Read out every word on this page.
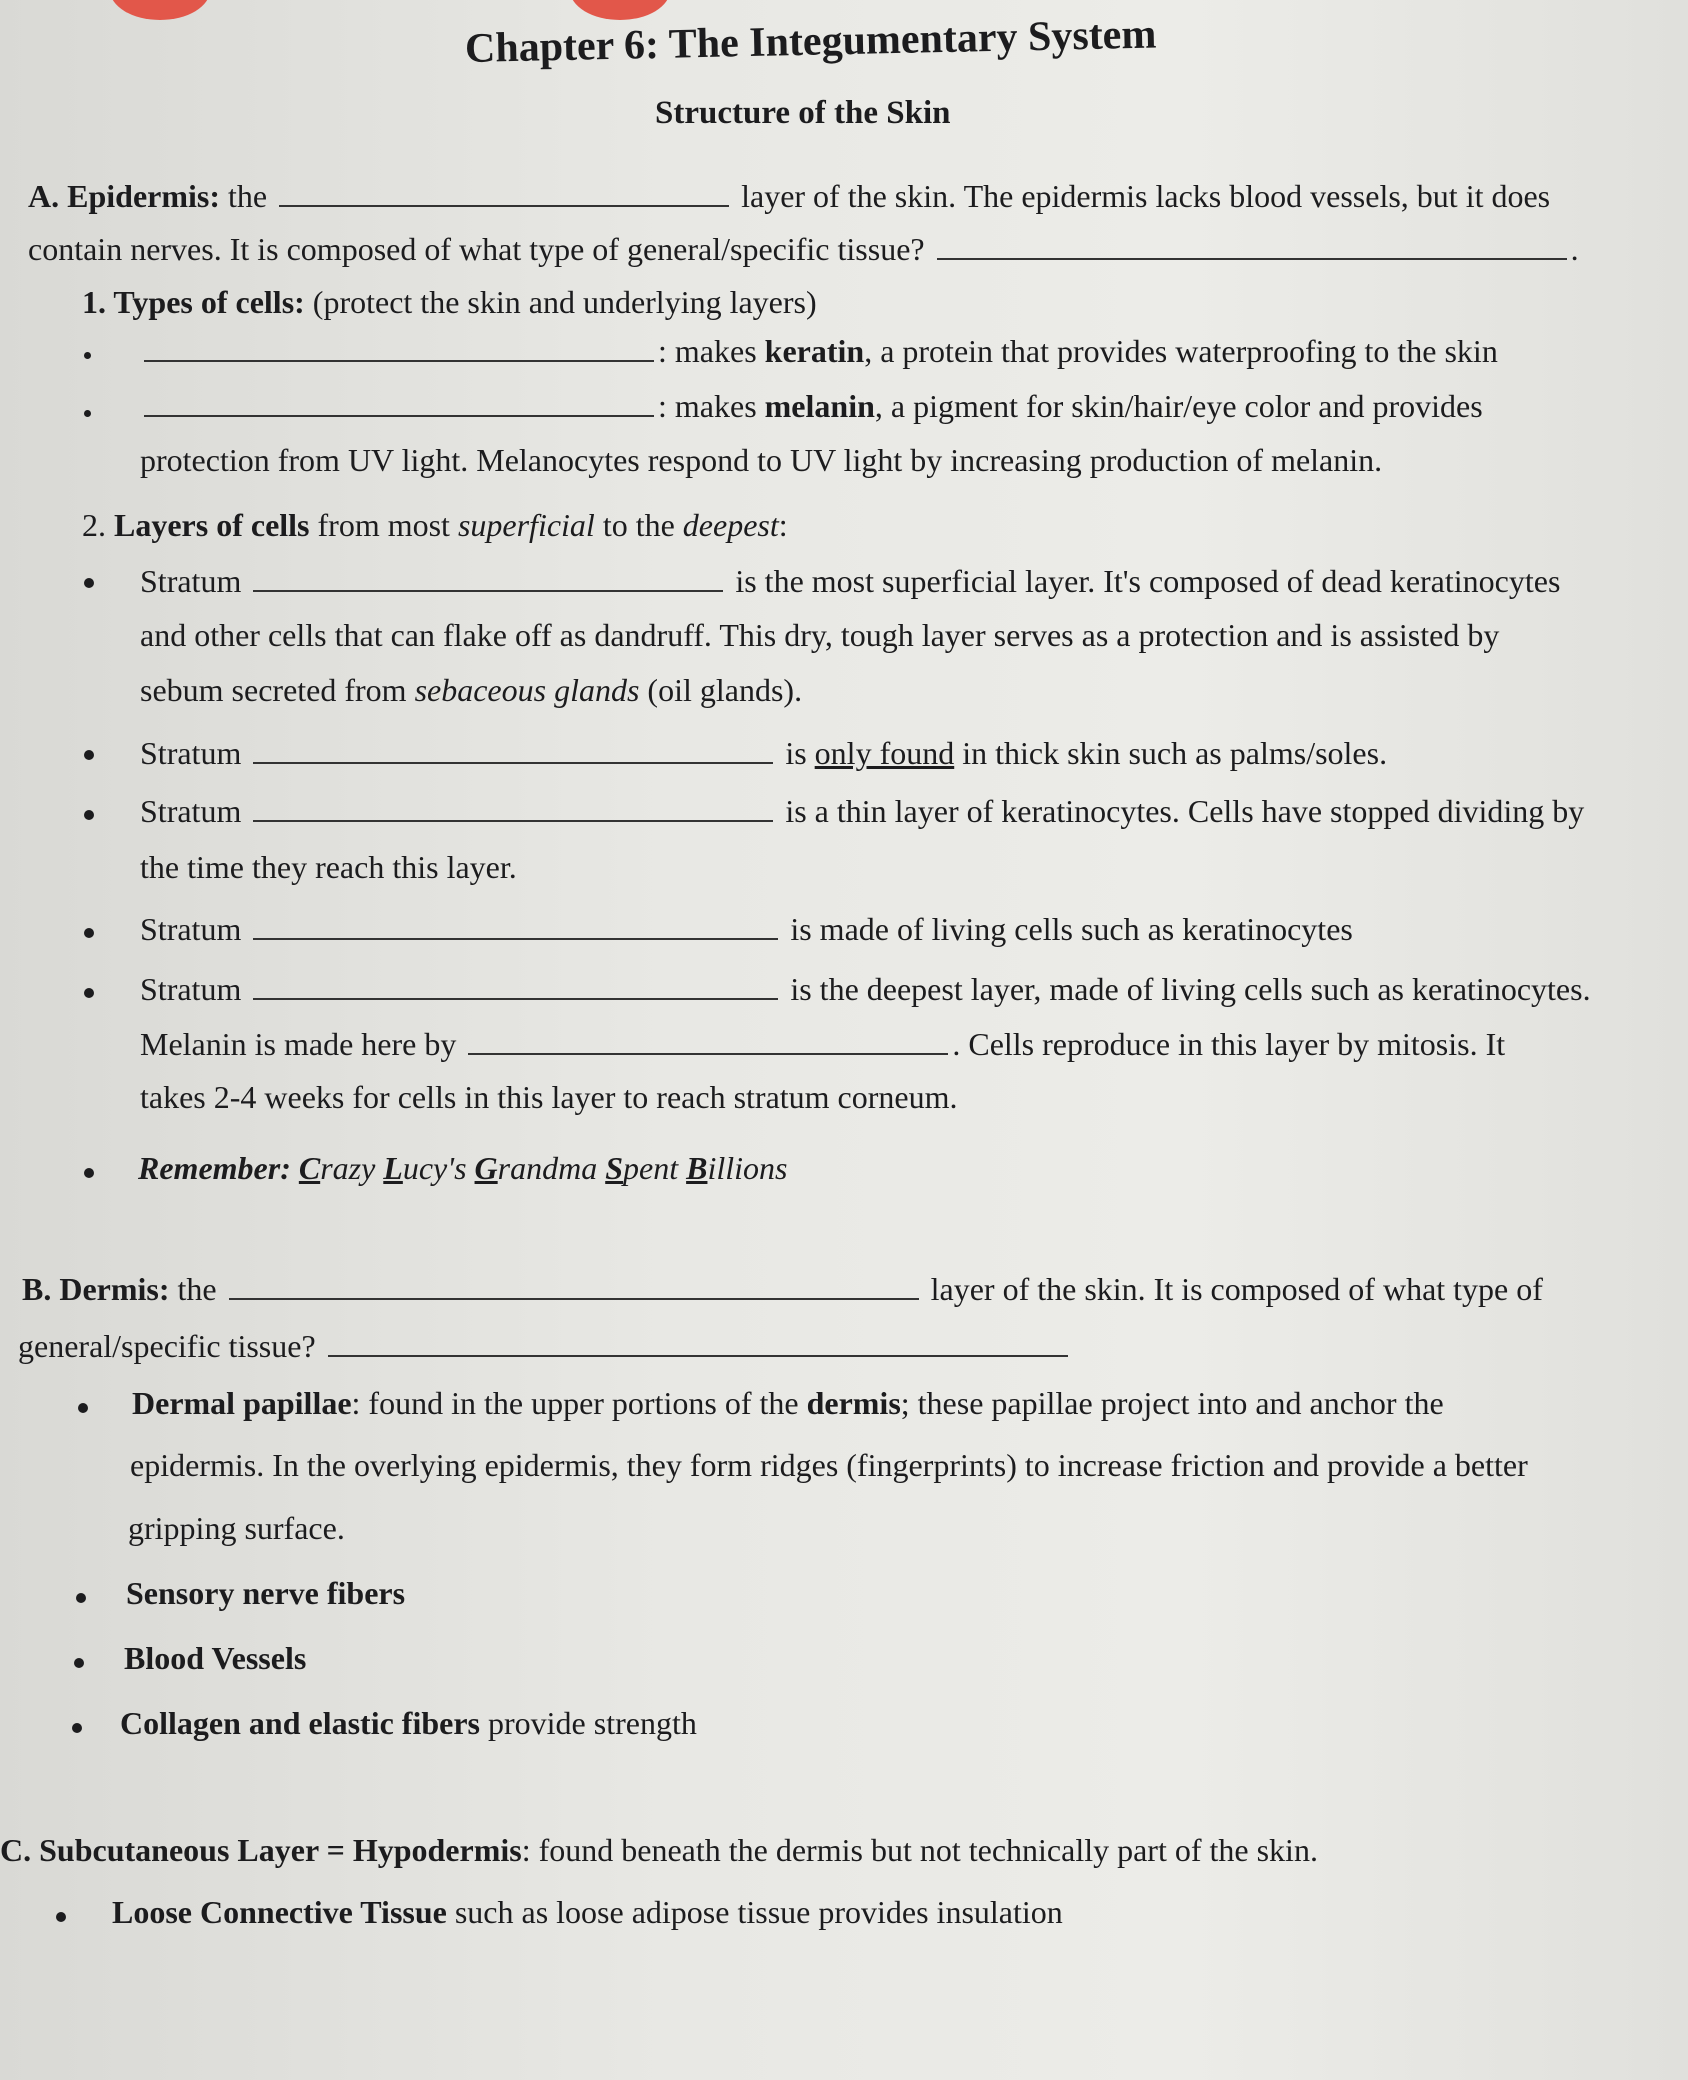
Chapter 6: The Integumentary System
Structure of the Skin
A. Epidermis: the	layer of the skin. The epidermis lacks blood vessels, but it does
contain nerves. It is composed of what type of general/specific tissue?	.
1. Types of cells: (protect the skin and underlying layers)
: makes keratin, a protein that provides waterproofing to the skin
: makes melanin, a pigment for skin/hair/eye color and provides
protection from UV light. Melanocytes respond to UV light by increasing production of melanin.
2. Layers of cells from most superficial to the deepest:
Stratum	is the most superficial layer. It's composed of dead keratinocytes
and other cells that can flake off as dandruff. This dry, tough layer serves as a protection and is assisted by
sebum secreted from sebaceous glands (oil glands).
Stratum	is only found in thick skin such as palms/soles.
Stratum	is a thin layer of keratinocytes. Cells have stopped dividing by
the time they reach this layer.
Stratum	is made of living cells such as keratinocytes
Stratum	is the deepest layer, made of living cells such as keratinocytes.
Melanin is made here by	. Cells reproduce in this layer by mitosis. It
takes 2-4 weeks for cells in this layer to reach stratum corneum.
Remember: Crazy Lucy's Grandma Spent Billions
B. Dermis: the	layer of the skin. It is composed of what type of
general/specific tissue?
Dermal papillae: found in the upper portions of the dermis; these papillae project into and anchor the
epidermis. In the overlying epidermis, they form ridges (fingerprints) to increase friction and provide a better
gripping surface.
Sensory nerve fibers
Blood Vessels
Collagen and elastic fibers provide strength
C. Subcutaneous Layer = Hypodermis: found beneath the dermis but not technically part of the skin.
Loose Connective Tissue such as loose adipose tissue provides insulation
